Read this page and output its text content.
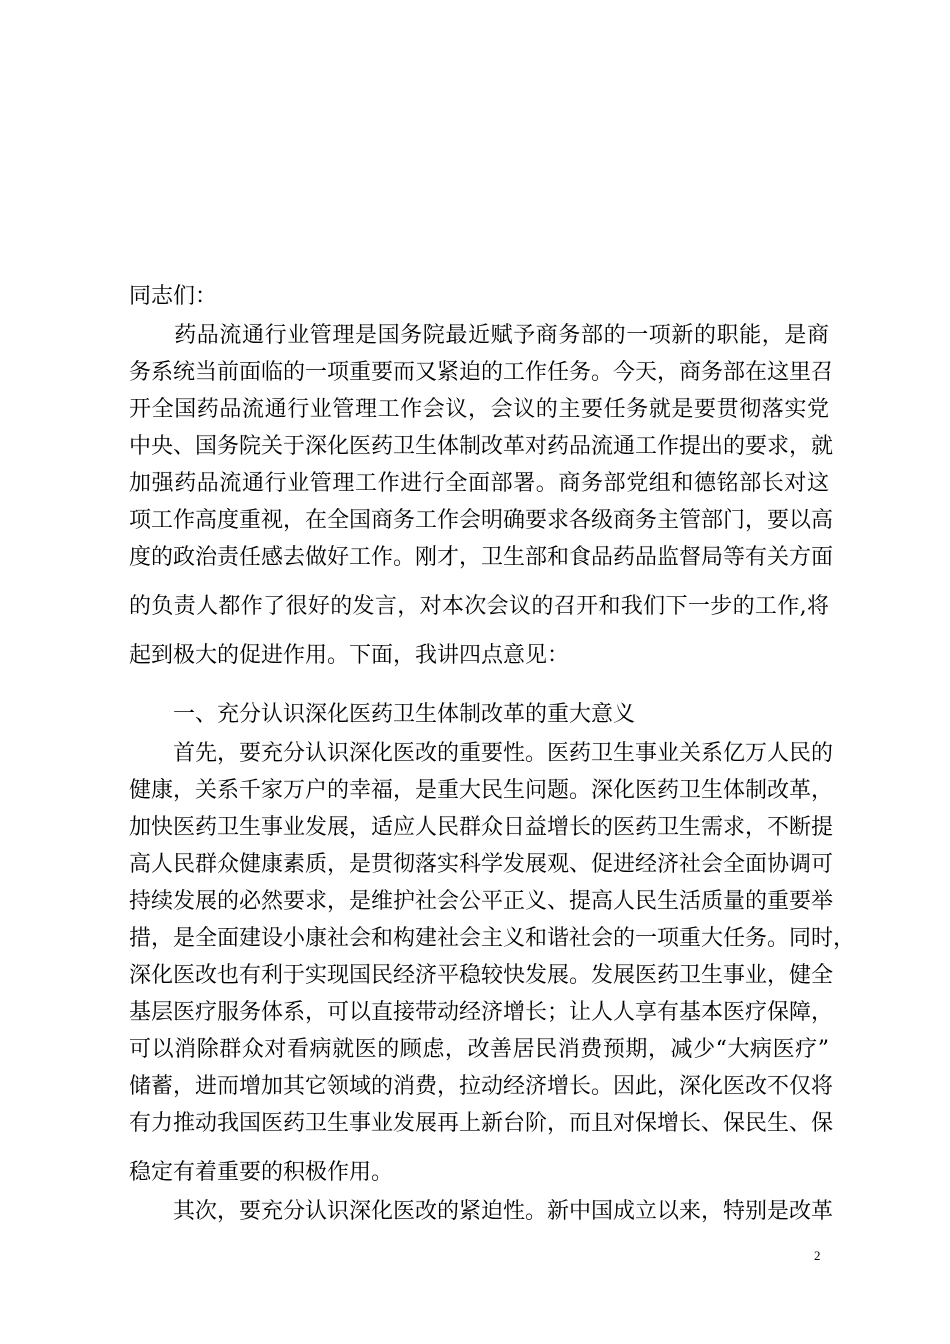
同志们：
　　药品流通行业管理是国务院最近赋予商务部的一项新的职能，是商
务系统当前面临的一项重要而又紧迫的工作任务。今天，商务部在这里召
开全国药品流通行业管理工作会议，会议的主要任务就是要贯彻落实党
中央、国务院关于深化医药卫生体制改革对药品流通工作提出的要求，就
加强药品流通行业管理工作进行全面部署。商务部党组和德铭部长对这
项工作高度重视，在全国商务工作会明确要求各级商务主管部门，要以高
度的政治责任感去做好工作。刚才，卫生部和食品药品监督局等有关方面
的负责人都作了很好的发言，对本次会议的召开和我们下一步的工作,将
起到极大的促进作用。下面，我讲四点意见：
　　一、充分认识深化医药卫生体制改革的重大意义
　　首先，要充分认识深化医改的重要性。医药卫生事业关系亿万人民的
健康，关系千家万户的幸福，是重大民生问题。深化医药卫生体制改革，
加快医药卫生事业发展，适应人民群众日益增长的医药卫生需求，不断提
高人民群众健康素质，是贯彻落实科学发展观、促进经济社会全面协调可
持续发展的必然要求，是维护社会公平正义、提高人民生活质量的重要举
措，是全面建设小康社会和构建社会主义和谐社会的一项重大任务。同时，
深化医改也有利于实现国民经济平稳较快发展。发展医药卫生事业，健全
基层医疗服务体系，可以直接带动经济增长；让人人享有基本医疗保障，
可以消除群众对看病就医的顾虑，改善居民消费预期，减少“大病医疗”
储蓄，进而增加其它领域的消费，拉动经济增长。因此，深化医改不仅将
有力推动我国医药卫生事业发展再上新台阶，而且对保增长、保民生、保
稳定有着重要的积极作用。
　　其次，要充分认识深化医改的紧迫性。新中国成立以来，特别是改革
2
